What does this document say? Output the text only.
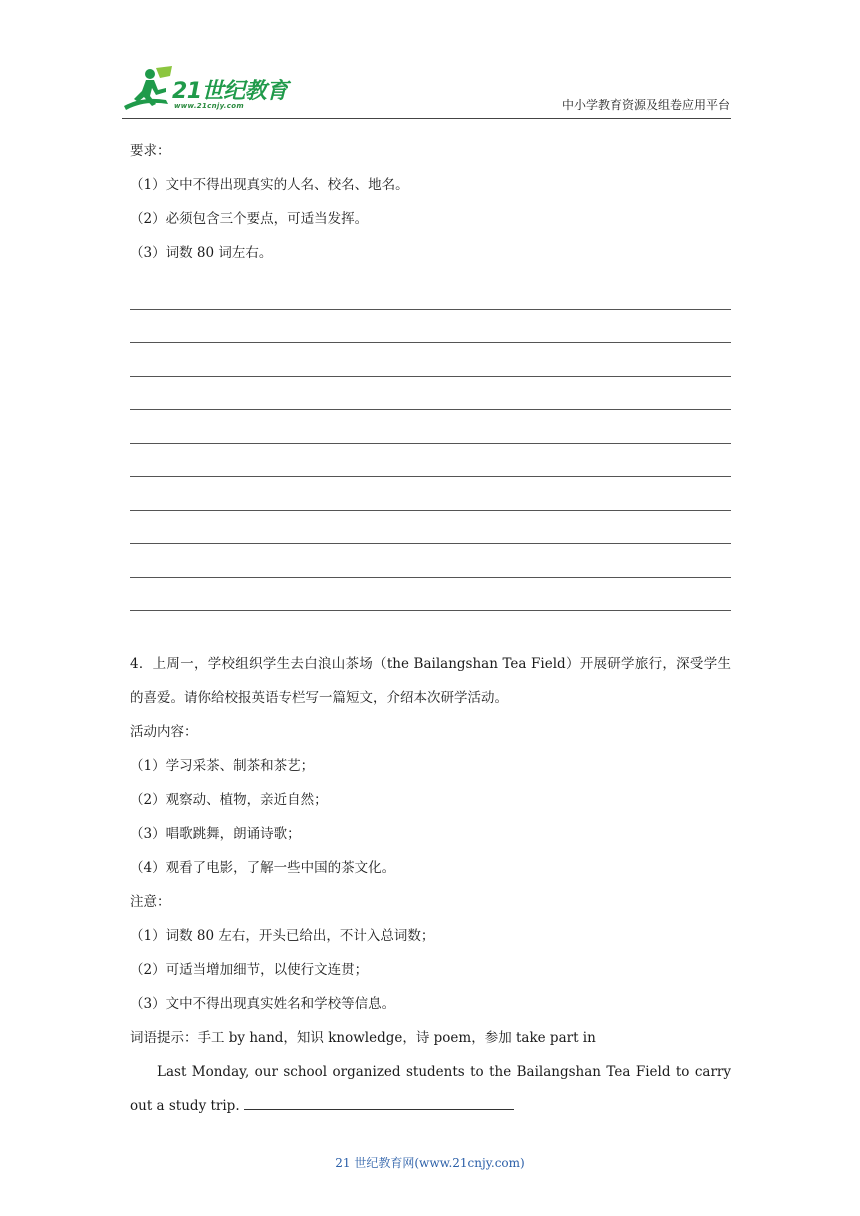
21世纪教育
www.21cnjy.com	中小学教育资源及组卷应用平台

要求：

（1）文中不得出现真实的人名、校名、地名。

（2）必须包含三个要点，可适当发挥。

（3）词数 80 词左右。

4．上周一，学校组织学生去白浪山茶场（the Bailangshan Tea Field）开展研学旅行，深受学生的喜爱。请你给校报英语专栏写一篇短文，介绍本次研学活动。

活动内容：

（1）学习采茶、制茶和茶艺；

（2）观察动、植物，亲近自然；

（3）唱歌跳舞，朗诵诗歌；

（4）观看了电影，了解一些中国的茶文化。

注意：

（1）词数 80 左右，开头已给出，不计入总词数；

（2）可适当增加细节，以使行文连贯；

（3）文中不得出现真实姓名和学校等信息。

词语提示：手工 by hand，知识 knowledge，诗 poem，参加 take part in

Last Monday, our school organized students to the Bailangshan Tea Field to carry out a study trip.

21 世纪教育网(www.21cnjy.com)
